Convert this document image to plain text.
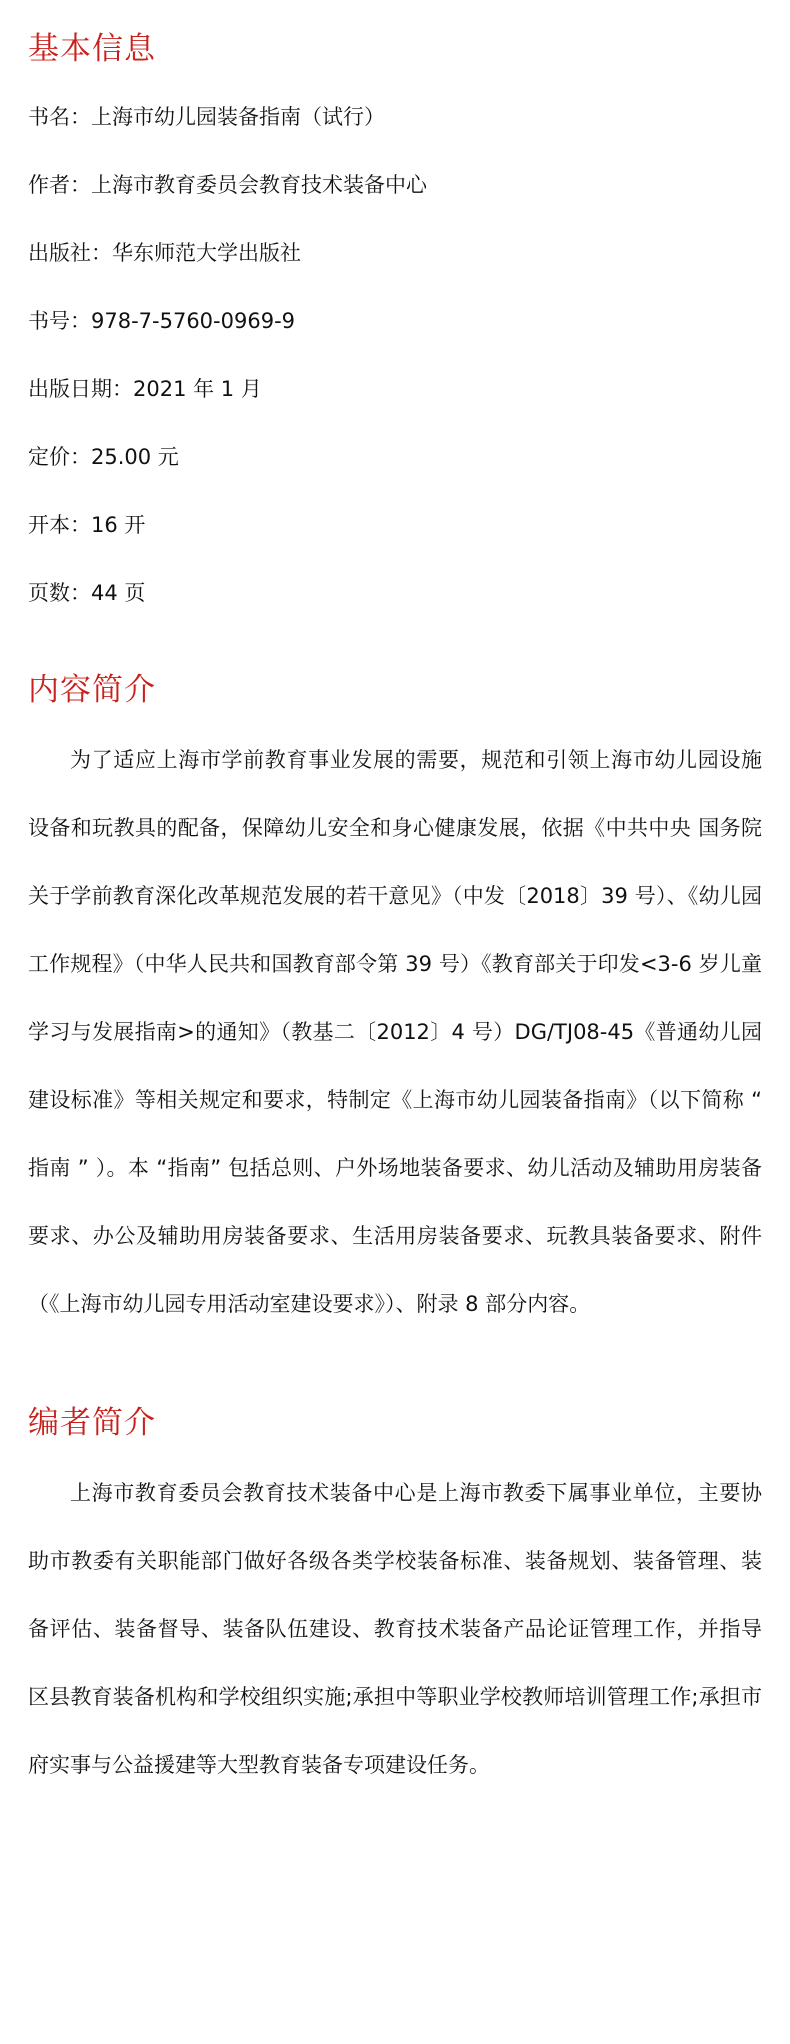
基本信息
书名：上海市幼儿园装备指南（试行）
作者：上海市教育委员会教育技术装备中心
出版社：华东师范大学出版社
书号：978-7-5760-0969-9
出版日期：2021 年 1 月
定价：25.00 元
开本：16 开
页数：44 页
内容简介

为了适应上海市学前教育事业发展的需要，规范和引领上海市幼儿园设施设备和玩教具的配备，保障幼儿安全和身心健康发展，依据《中共中央 国务院关于学前教育深化改革规范发展的若干意见》（中发〔2018〕39 号）、《幼儿园工作规程》（中华人民共和国教育部令第 39 号）《教育部关于印发<3-6 岁儿童学习与发展指南>的通知》（教基二〔2012〕4 号）DG/TJ08-45《普通幼儿园建设标准》等相关规定和要求，特制定《上海市幼儿园装备指南》（以下简称 “ 指南 ” ）。本 “指南” 包括总则、户外场地装备要求、幼儿活动及辅助用房装备要求、办公及辅助用房装备要求、生活用房装备要求、玩教具装备要求、附件（《上海市幼儿园专用活动室建设要求》）、附录 8 部分内容。

编者简介

上海市教育委员会教育技术装备中心是上海市教委下属事业单位，主要协助市教委有关职能部门做好各级各类学校装备标准、装备规划、装备管理、装备评估、装备督导、装备队伍建设、教育技术装备产品论证管理工作，并指导区县教育装备机构和学校组织实施;承担中等职业学校教师培训管理工作;承担市府实事与公益援建等大型教育装备专项建设任务。
